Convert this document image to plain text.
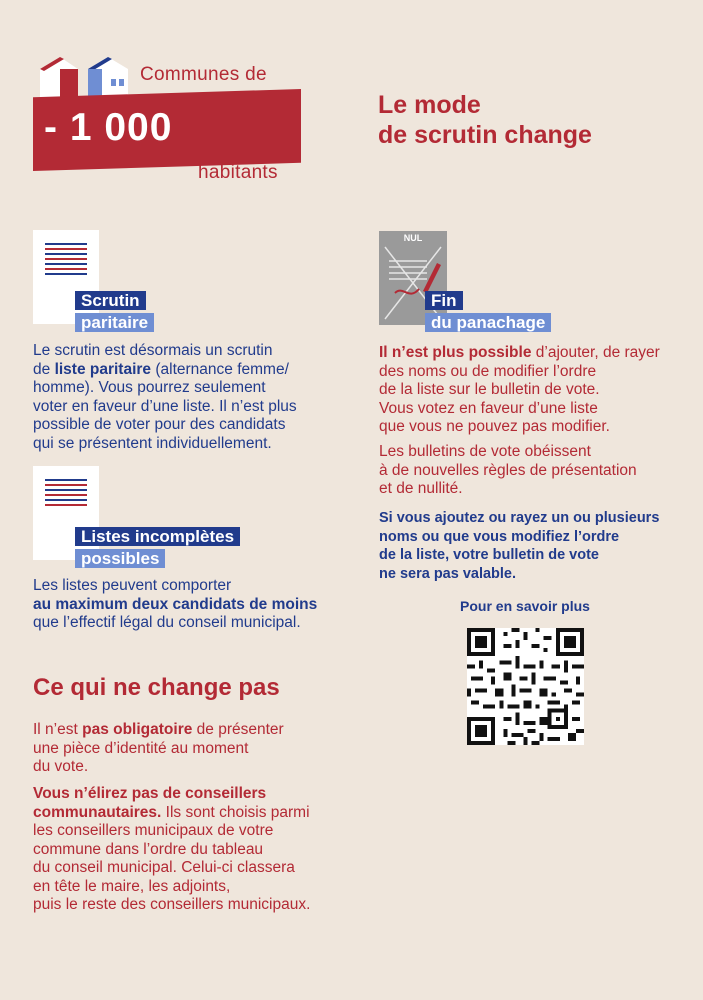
Communes de
- 1 000
habitants
Le mode
de scrutin change
Scrutin
paritaire

Le scrutin est désormais un scrutin

de liste paritaire (alternance femme/

homme). Vous pourrez seulement

voter en faveur d’une liste. Il n’est plus

possible de voter pour des candidats

qui se présentent individuellement.

Listes incomplètes
possibles

Les listes peuvent comporter

au maximum deux candidats de moins

que l’effectif légal du conseil municipal.

NUL
Fin
du panachage

Il n’est plus possible d’ajouter, de rayer

des noms ou de modifier l’ordre

de la liste sur le bulletin de vote.

Vous votez en faveur d’une liste

que vous ne pouvez pas modifier.

Les bulletins de vote obéissent

à de nouvelles règles de présentation

et de nullité.

Si vous ajoutez ou rayez un ou plusieurs

noms ou que vous modifiez l’ordre

de la liste, votre bulletin de vote

ne sera pas valable.

Pour en savoir plus
Ce qui ne change pas

Il n’est pas obligatoire de présenter

une pièce d’identité au moment

du vote.

Vous n’élirez pas de conseillers

communautaires. Ils sont choisis parmi

les conseillers municipaux de votre

commune dans l’ordre du tableau

du conseil municipal. Celui-ci classera

en tête le maire, les adjoints,

puis le reste des conseillers municipaux.
